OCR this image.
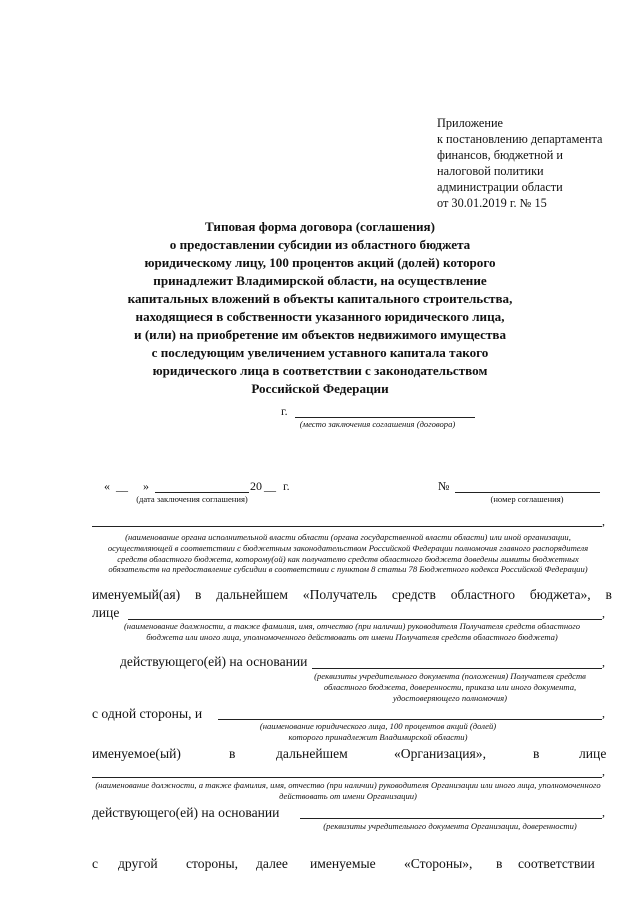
Приложение
к постановлению департамента
финансов, бюджетной и
налоговой политики
администрации области
от 30.01.2019 г. № 15
Типовая форма договора (соглашения)
о предоставлении субсидии из областного бюджета
юридическому лицу, 100 процентов акций (долей) которого
принадлежит Владимирской области, на осуществление
капитальных вложений в объекты капитального строительства,
находящиеся в собственности указанного юридического лица,
и (или) на приобретение им объектов недвижимого имущества
с последующим увеличением уставного капитала такого
юридического лица в соответствии с законодательством
Российской Федерации
г.
(место заключения соглашения (договора)
« __ »	20 __ г.
(дата заключения соглашения)
№
(номер соглашения)
,
(наименование органа исполнительной власти области (органа государственной власти области) или иной организации, осуществляющей в соответствии с бюджетным законодательством Российской Федерации полномочия главного распорядителя средств областного бюджета, которому(ой) как получателю средств областного бюджета доведены лимиты бюджетных обязательств на предоставление субсидии в соответствии с пунктом 8 статьи 78 Бюджетного кодекса Российской Федерации)
именуемый(ая) в дальнейшем «Получатель средств областного бюджета», в
лице	,
(наименование должности, а также фамилия, имя, отчество (при наличии) руководителя Получателя средств областного бюджета или иного лица, уполномоченного действовать от имени Получателя средств областного бюджета)
действующего(ей) на основании	,
(реквизиты учредительного документа (положения) Получателя средств областного бюджета, доверенности, приказа или иного документа, удостоверяющего полномочия)
с одной стороны, и	,
(наименование юридического лица, 100 процентов акций (долей) которого принадлежит Владимирской области)
именуемое(ый)	в	дальнейшем	«Организация»,	в	лице
,
(наименование должности, а также фамилия, имя, отчество (при наличии) руководителя Организации или иного лица, уполномоченного действовать от имени Организации)
действующего(ей) на основании	,
(реквизиты учредительного документа Организации, доверенности)
с другой стороны, далее именуемые «Стороны», в соответствии
